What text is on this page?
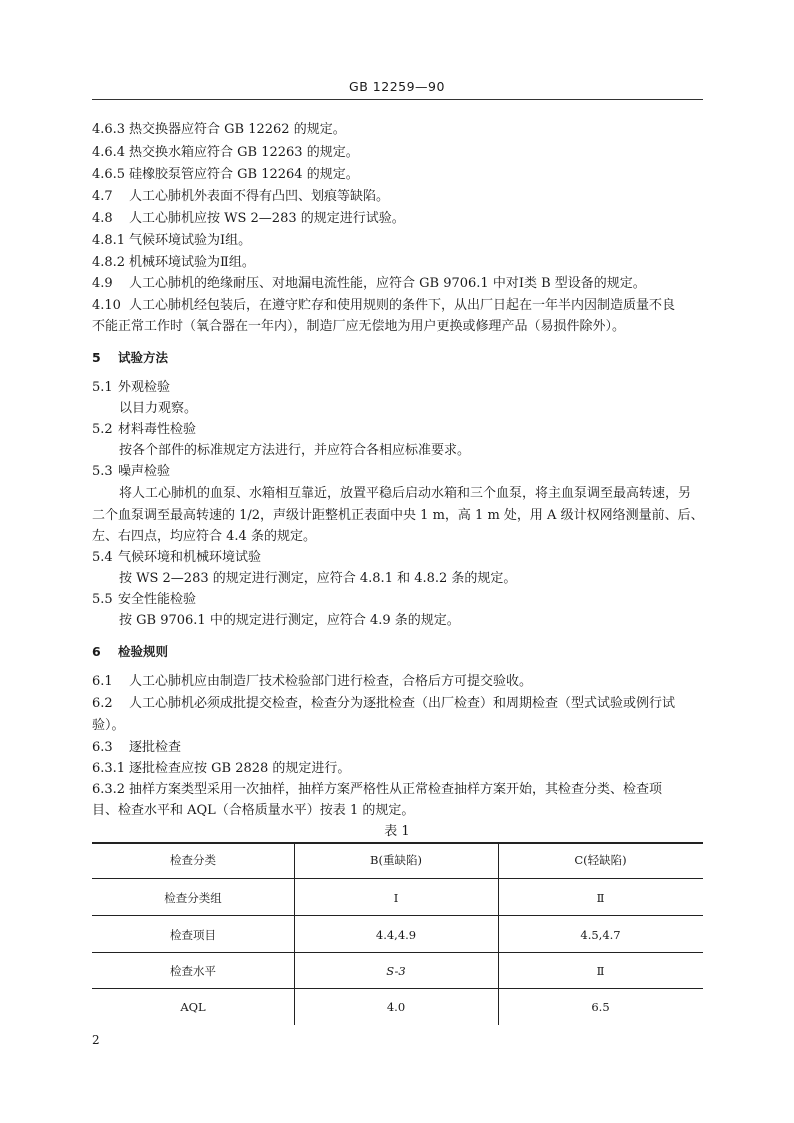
GB 12259—90
4.6.3 热交换器应符合 GB 12262 的规定。
4.6.4 热交换水箱应符合 GB 12263 的规定。
4.6.5 硅橡胶泵管应符合 GB 12264 的规定。
4.7 人工心肺机外表面不得有凸凹、划痕等缺陷。
4.8 人工心肺机应按 WS 2—283 的规定进行试验。
4.8.1 气候环境试验为Ⅰ组。
4.8.2 机械环境试验为Ⅱ组。
4.9 人工心肺机的绝缘耐压、对地漏电流性能，应符合 GB 9706.1 中对Ⅰ类 B 型设备的规定。
4.10 人工心肺机经包装后，在遵守贮存和使用规则的条件下，从出厂日起在一年半内因制造质量不良
不能正常工作时（氧合器在一年内），制造厂应无偿地为用户更换或修理产品（易损件除外）。
5 试验方法
5.1 外观检验
以目力观察。
5.2 材料毒性检验
按各个部件的标准规定方法进行，并应符合各相应标准要求。
5.3 噪声检验
将人工心肺机的血泵、水箱相互靠近，放置平稳后启动水箱和三个血泵，将主血泵调至最高转速，另
二个血泵调至最高转速的 1/2，声级计距整机正表面中央 1 m，高 1 m 处，用 A 级计权网络测量前、后、
左、右四点，均应符合 4.4 条的规定。
5.4 气候环境和机械环境试验
按 WS 2—283 的规定进行测定，应符合 4.8.1 和 4.8.2 条的规定。
5.5 安全性能检验
按 GB 9706.1 中的规定进行测定，应符合 4.9 条的规定。
6 检验规则
6.1 人工心肺机应由制造厂技术检验部门进行检查，合格后方可提交验收。
6.2 人工心肺机必须成批提交检查，检查分为逐批检查（出厂检查）和周期检查（型式试验或例行试
验）。
6.3 逐批检查
6.3.1 逐批检查应按 GB 2828 的规定进行。
6.3.2 抽样方案类型采用一次抽样，抽样方案严格性从正常检查抽样方案开始，其检查分类、检查项
目、检查水平和 AQL（合格质量水平）按表 1 的规定。
表 1
检查分类	B(重缺陷)	C(轻缺陷)
检查分类组	Ⅰ	Ⅱ
检查项目	4.4,4.9	4.5,4.7
检查水平	S-3	Ⅱ
AQL	4.0	6.5
2
